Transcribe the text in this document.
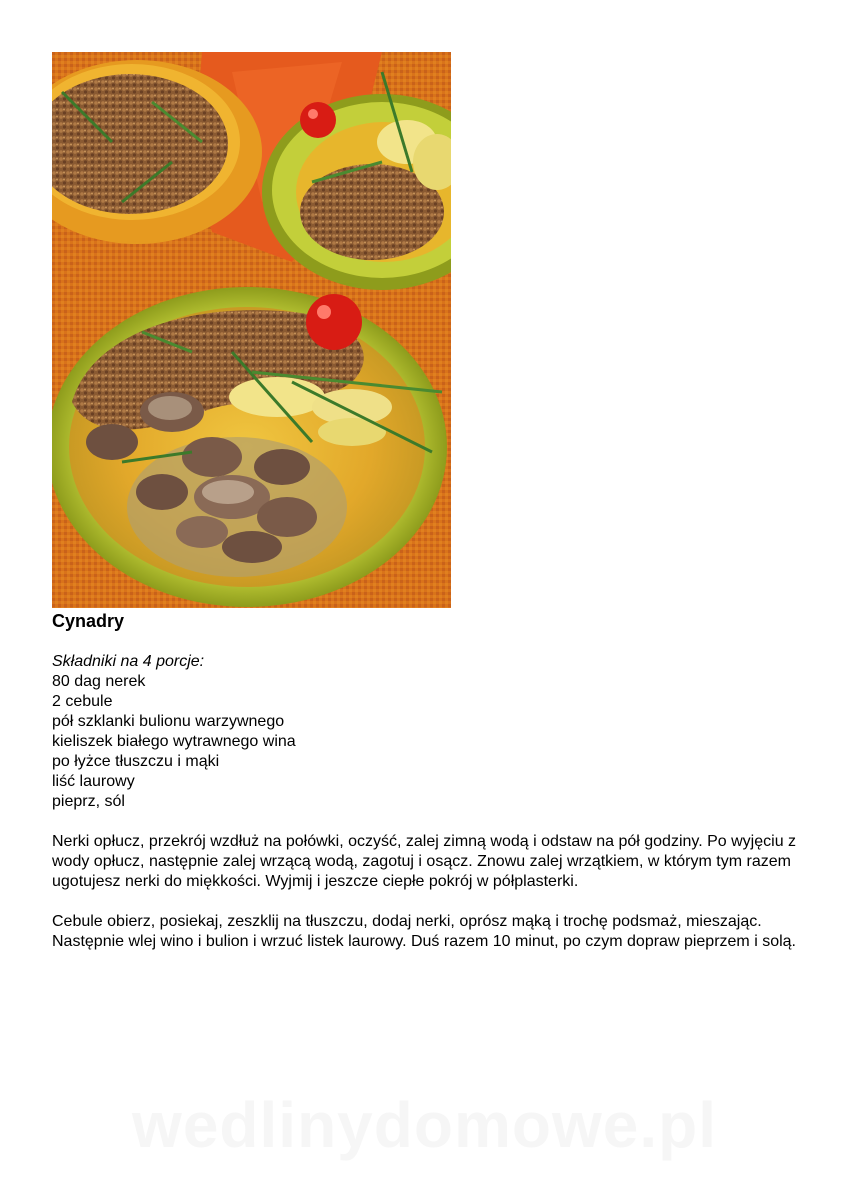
Cynadry
Składniki na 4 porcje:
80 dag nerek
2 cebule
pół szklanki bulionu warzywnego
kieliszek białego wytrawnego wina
po łyżce tłuszczu i mąki
liść laurowy
pieprz, sól

Nerki opłucz, przekrój wzdłuż na połówki, oczyść, zalej zimną wodą i odstaw na pół godziny. Po wyjęciu z wody opłucz, następnie zalej wrzącą wodą, zagotuj i osącz. Znowu zalej wrzątkiem, w którym tym razem ugotujesz nerki do miękkości. Wyjmij i jeszcze ciepłe pokrój w półplasterki.

Cebule obierz, posiekaj, zeszklij na tłuszczu, dodaj nerki, oprósz mąką i trochę podsmaż, mieszając. Następnie wlej wino i bulion i wrzuć listek laurowy. Duś razem 10 minut, po czym dopraw pieprzem i solą.

wedlinydomowe.pl
